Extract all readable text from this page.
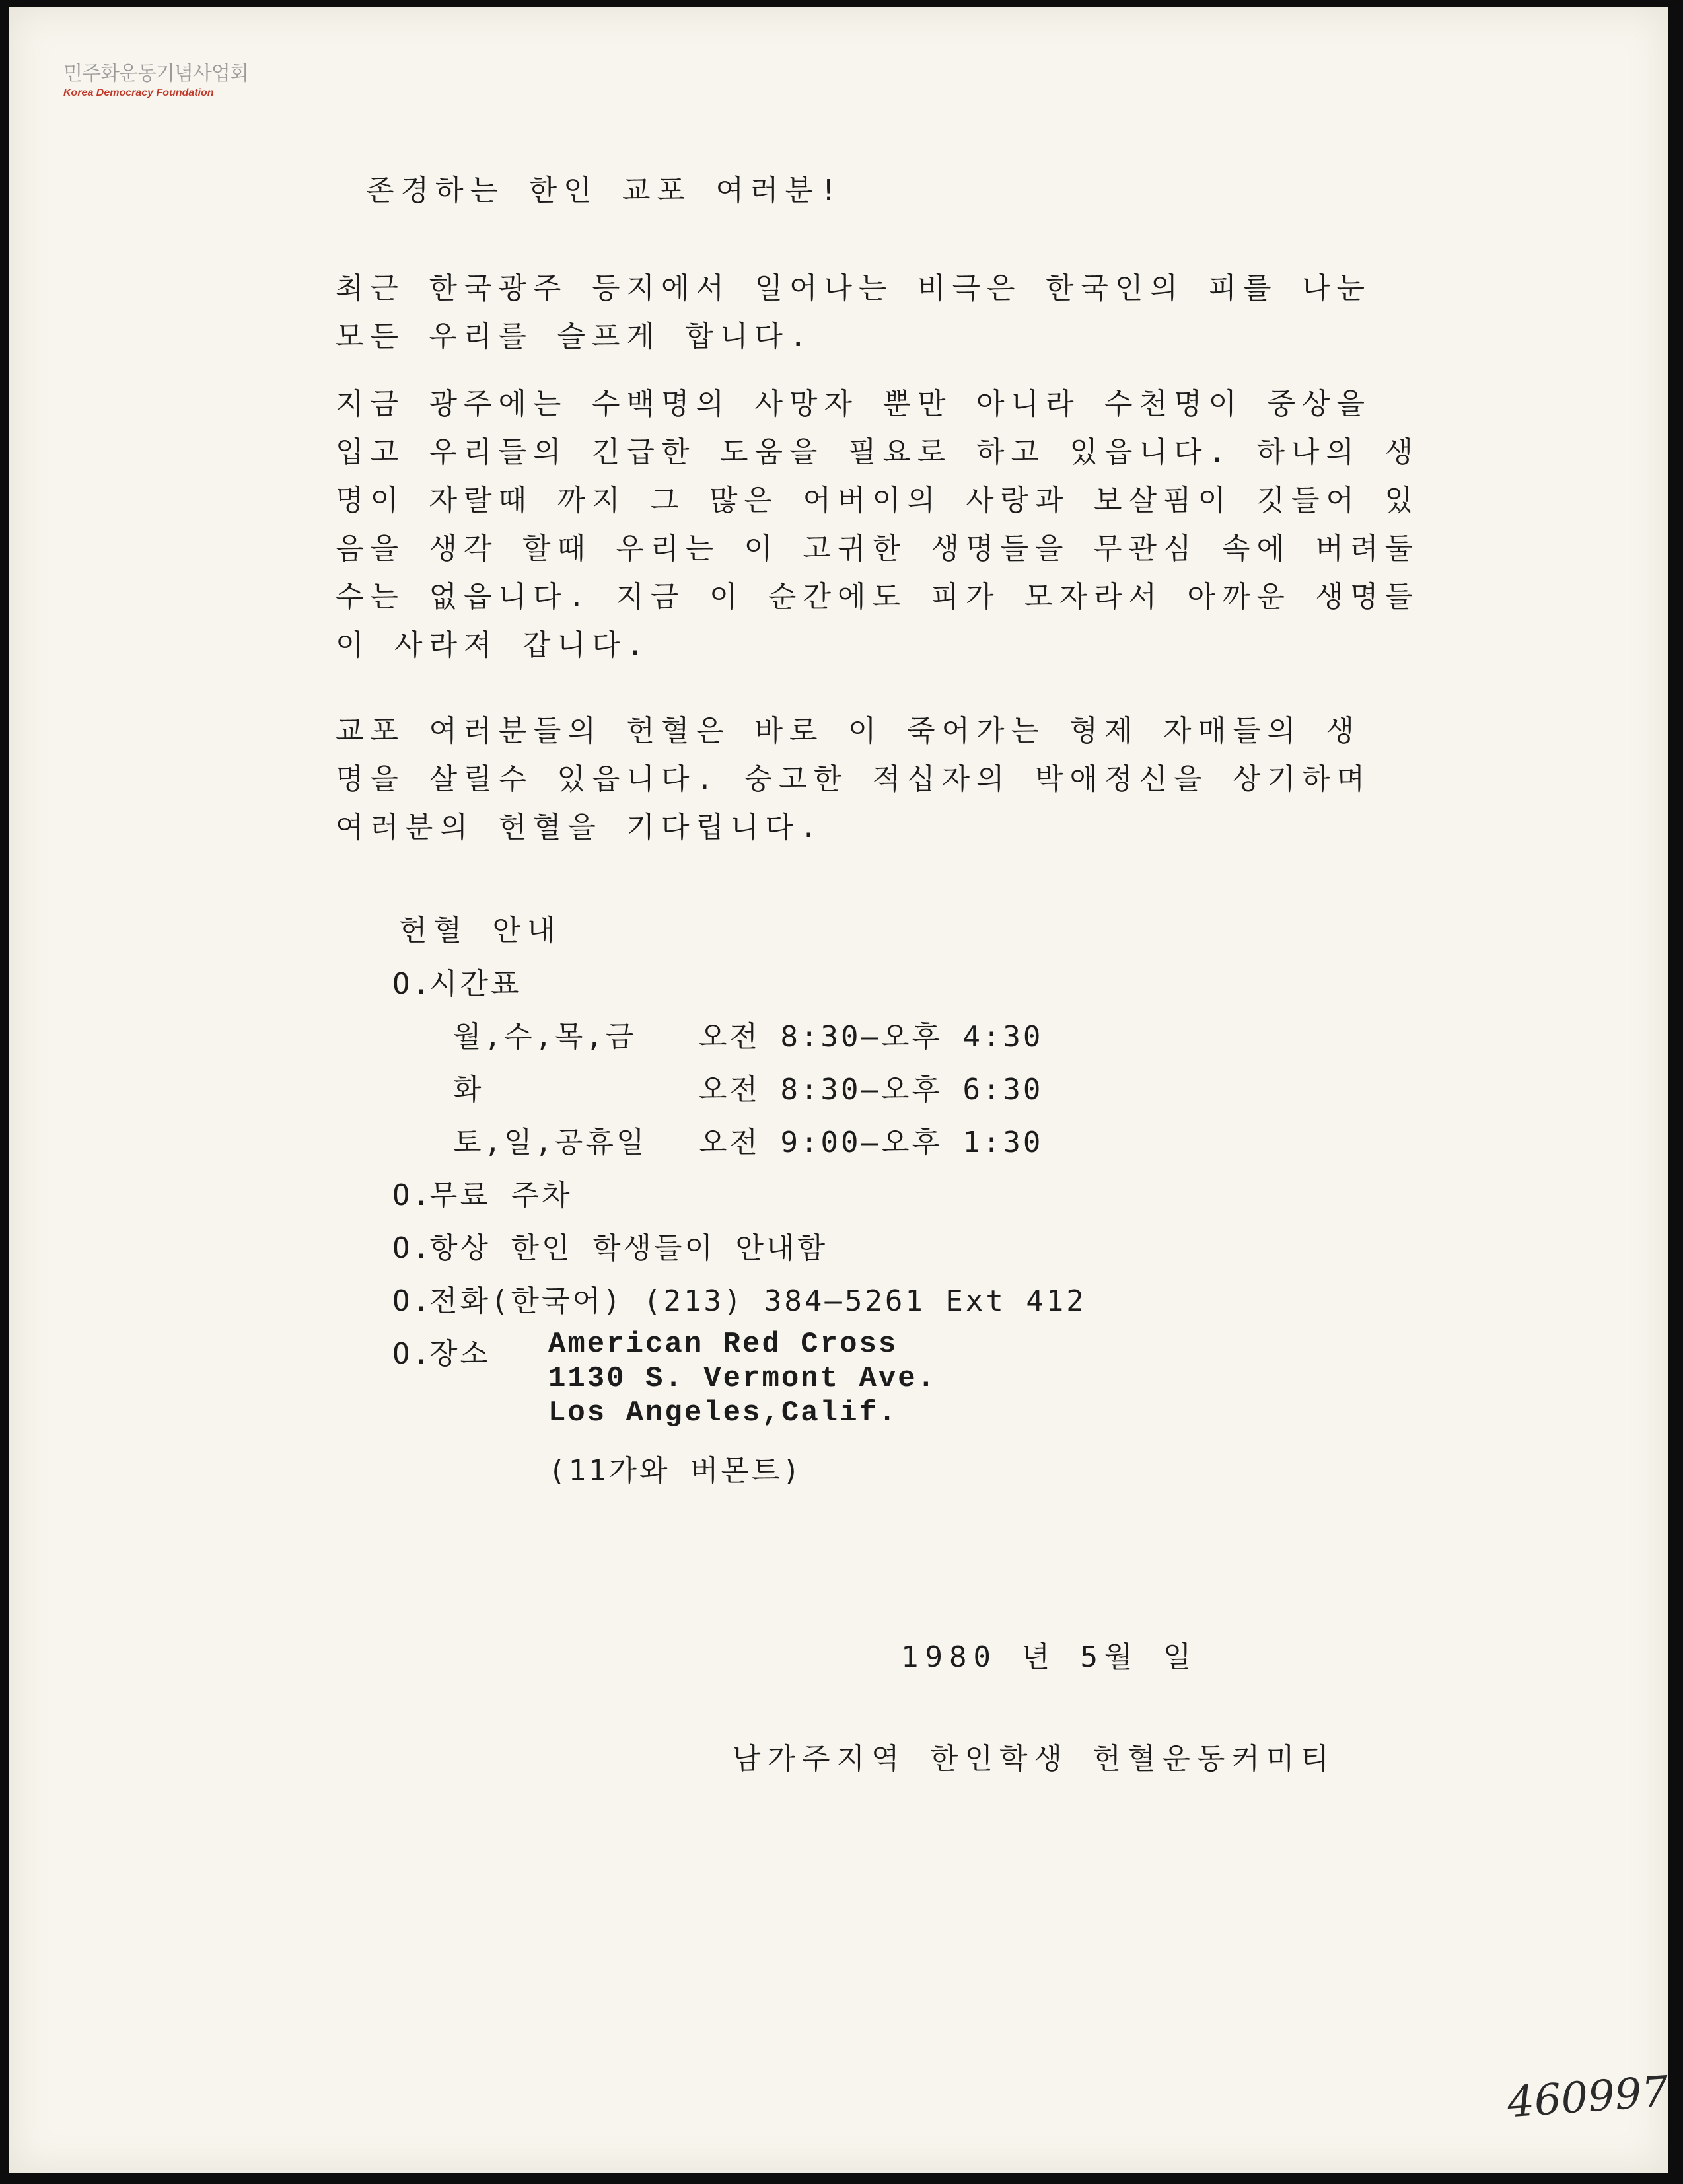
민주화운동기념사업회
Korea Democracy Foundation
존경하는 한인 교포 여러분!
최근 한국광주 등지에서 일어나는 비극은 한국인의 피를 나눈
모든 우리를 슬프게 합니다.
지금 광주에는 수백명의 사망자 뿐만 아니라 수천명이 중상을
입고 우리들의 긴급한 도움을 필요로 하고 있읍니다. 하나의 생
명이 자랄때 까지 그 많은 어버이의 사랑과 보살핌이 깃들어 있
음을 생각 할때 우리는 이 고귀한 생명들을 무관심 속에 버려둘
수는 없읍니다. 지금 이 순간에도 피가 모자라서 아까운 생명들
이 사라져 갑니다.
교포 여러분들의 헌혈은 바로 이 죽어가는 형제 자매들의 생
명을 살릴수 있읍니다. 숭고한 적십자의 박애정신을 상기하며
여러분의 헌혈을 기다립니다.
헌혈 안내
O.시간표
월,수,목,금 오전 8:30—오후 4:30
화	오전 8:30—오후 6:30
토,일,공휴일 오전 9:00—오후 1:30
O.무료 주차
O.항상 한인 학생들이 안내함
O.전화(한국어) (213) 384—5261 Ext 412
O.장소	American Red Cross
1130 S. Vermont Ave.
Los Angeles,Calif.
(11가와 버몬트)
1980 년 5월 일
남가주지역 한인학생 헌혈운동커미티
460997
